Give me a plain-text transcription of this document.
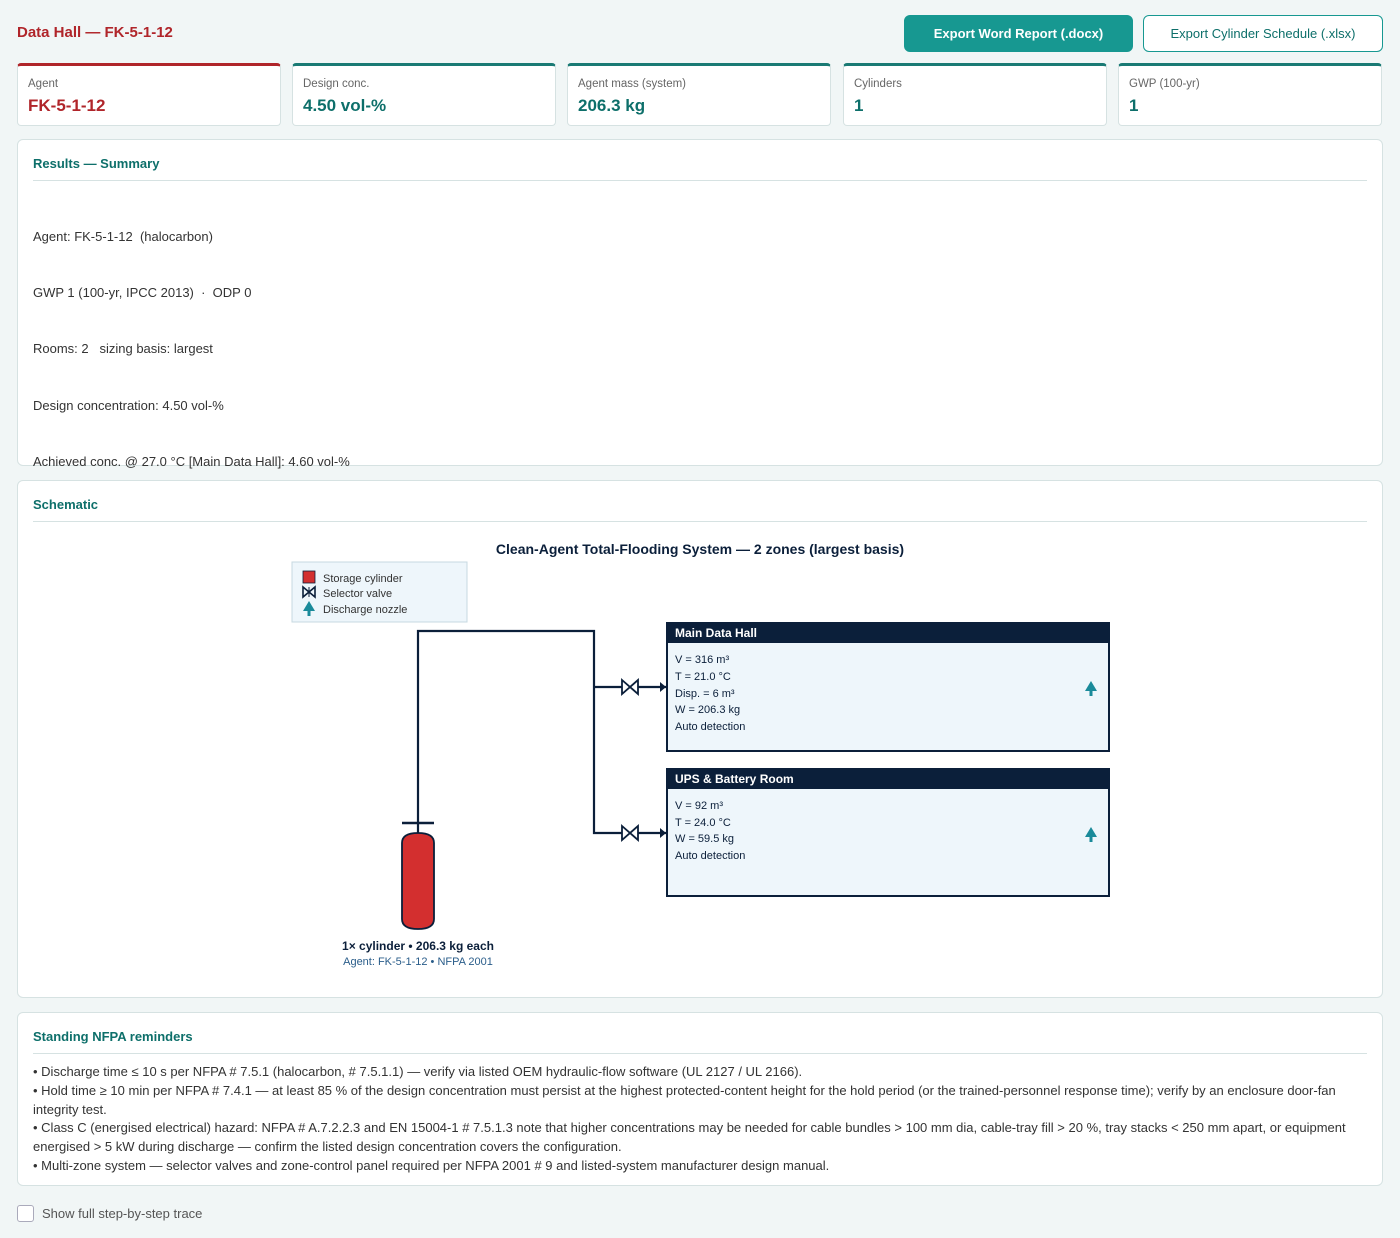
Data Hall — FK-5-1-12	Export Word Report (.docx)	Export Cylinder Schedule (.xlsx)
Agent
FK-5-1-12
Design conc.
4.50 vol-%
Agent mass (system)
206.3 kg
Cylinders
1
GWP (100-yr)
1
Results — Summary

Agent: FK-5-1-12  (halocarbon)

GWP 1 (100-yr, IPCC 2013)  ·  ODP 0

Rooms: 2   sizing basis: largest

Design concentration: 4.50 vol-%

Achieved conc. @ 27.0 °C [Main Data Hall]: 4.60 vol-%

Schematic
Clean-Agent Total-Flooding System — 2 zones (largest basis)
Storage cylinder
Selector valve
Discharge nozzle
Main Data Hall
V = 316 m³
T = 21.0 °C
Disp. = 6 m³
W = 206.3 kg
Auto detection
UPS & Battery Room
V = 92 m³
T = 24.0 °C
W = 59.5 kg
Auto detection
1× cylinder • 206.3 kg each
Agent: FK-5-1-12 • NFPA 2001
Standing NFPA reminders
• Discharge time ≤ 10 s per NFPA # 7.5.1 (halocarbon, # 7.5.1.1) — verify via listed OEM hydraulic-flow software (UL 2127 / UL 2166).
• Hold time ≥ 10 min per NFPA # 7.4.1 — at least 85 % of the design concentration must persist at the highest protected-content height for the hold period (or the trained-personnel response time); verify by an enclosure door-fan integrity test.
• Class C (energised electrical) hazard: NFPA # A.7.2.2.3 and EN 15004-1 # 7.5.1.3 note that higher concentrations may be needed for cable bundles > 100 mm dia, cable-tray fill > 20 %, tray stacks < 250 mm apart, or equipment energised > 5 kW during discharge — confirm the listed design concentration covers the configuration.
• Multi-zone system — selector valves and zone-control panel required per NFPA 2001 # 9 and listed-system manufacturer design manual.
Show full step-by-step trace
